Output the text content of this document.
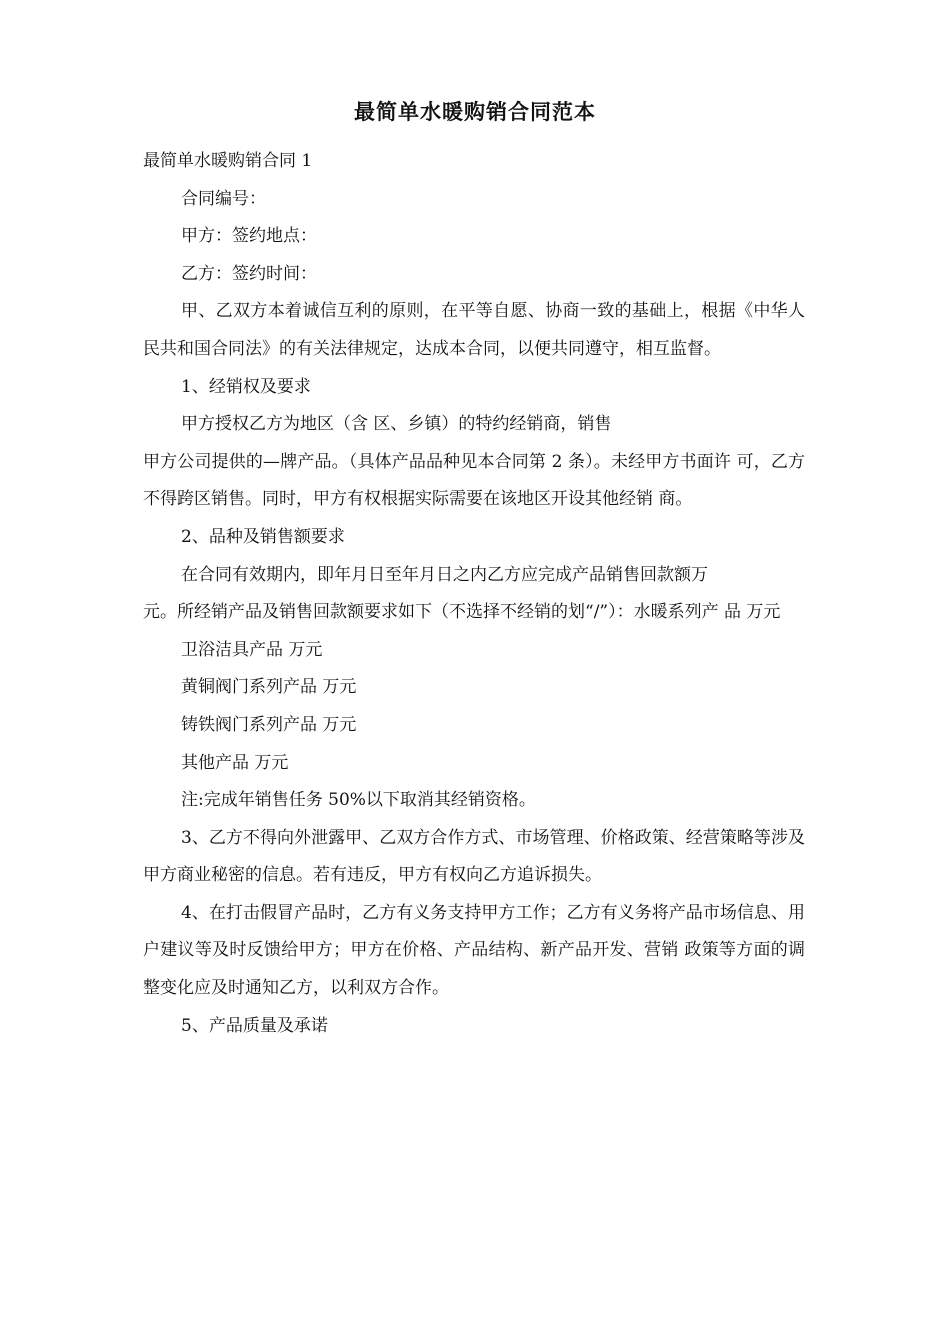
最简单水暖购销合同范本

最简单水暖购销合同 1

合同编号：

甲方：签约地点：

乙方：签约时间：

甲、乙双方本着诚信互利的原则，在平等自愿、协商一致的基础上，根据《中华人民共和国合同法》的有关法律规定，达成本合同，以便共同遵守，相互监督。

1、经销权及要求

甲方授权乙方为地区（含 区、乡镇）的特约经销商，销售

甲方公司提供的—牌产品。（具体产品品种见本合同第 2 条）。未经甲方书面许 可，乙方不得跨区销售。同时，甲方有权根据实际需要在该地区开设其他经销 商。

2、品种及销售额要求

在合同有效期内，即年月日至年月日之内乙方应完成产品销售回款额万

元。所经销产品及销售回款额要求如下（不选择不经销的划“/”）：水暖系列产 品 万元

卫浴洁具产品 万元

黄铜阀门系列产品 万元

铸铁阀门系列产品 万元

其他产品 万元

注:完成年销售任务 50%以下取消其经销资格。

3、乙方不得向外泄露甲、乙双方合作方式、市场管理、价格政策、经营策略等涉及甲方商业秘密的信息。若有违反，甲方有权向乙方追诉损失。

4、在打击假冒产品时，乙方有义务支持甲方工作；乙方有义务将产品市场信息、用户建议等及时反馈给甲方；甲方在价格、产品结构、新产品开发、营销 政策等方面的调整变化应及时通知乙方，以利双方合作。

5、产品质量及承诺
